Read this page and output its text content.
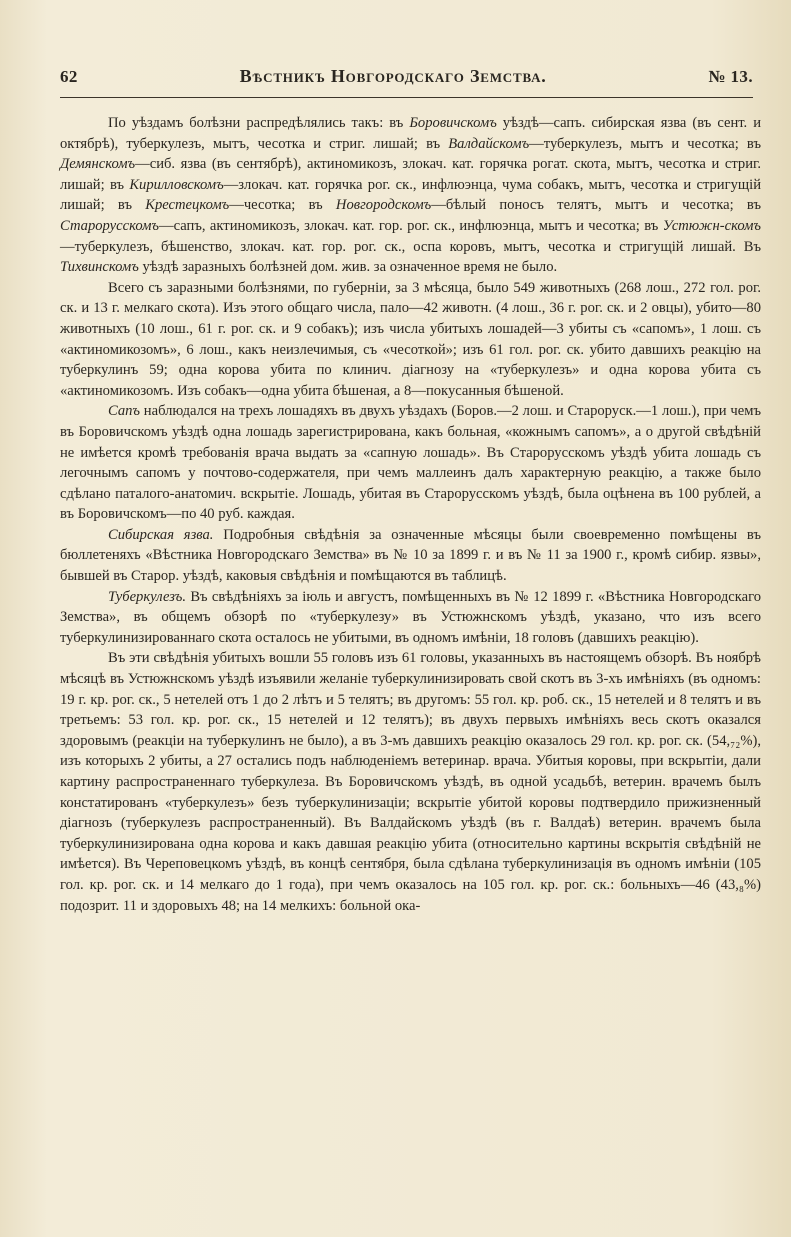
62	Вѣстникъ Новгородскаго Земства.	№ 13.

По уѣздамъ болѣзни распредѣлялись такъ: въ Боровичскомъ уѣздѣ—сапъ. сибирская язва (въ сент. и октябрѣ), туберкулезъ, мытъ, чесотка и стриг. лишай; въ Валдайскомъ—туберкулезъ, мытъ и чесотка; въ Демянскомъ—сиб. язва (въ сентябрѣ), актиномикозъ, злокач. кат. горячка рогат. скота, мытъ, чесотка и стриг. лишай; въ Кирилловскомъ—злокач. кат. горячка рог. ск., инфлюэнца, чума собакъ, мытъ, чесотка и стригущій лишай; въ Крестецкомъ—чесотка; въ Новгородскомъ—бѣлый поносъ телятъ, мытъ и чесотка; въ Старорусскомъ—сапъ, актиномикозъ, злокач. кат. гор. рог. ск., инфлюэнца, мытъ и чесотка; въ Устюжн-скомъ—туберкулезъ, бѣшенство, злокач. кат. гор. рог. ск., оспа коровъ, мытъ, чесотка и стригущій лишай. Въ Тихвинскомъ уѣздѣ заразныхъ болѣзней дом. жив. за означенное время не было.

Всего съ заразными болѣзнями, по губерніи, за 3 мѣсяца, было 549 животныхъ (268 лош., 272 гол. рог. ск. и 13 г. мелкаго скота). Изъ этого общаго числа, пало—42 животн. (4 лош., 36 г. рог. ск. и 2 овцы), убито—80 животныхъ (10 лош., 61 г. рог. ск. и 9 собакъ); изъ числа убитыхъ лошадей—3 убиты съ «сапомъ», 1 лош. съ «актиномикозомъ», 6 лош., какъ неизлечимыя, съ «чесоткой»; изъ 61 гол. рог. ск. убито давшихъ реакцію на туберкулинъ 59; одна корова убита по клинич. діагнозу на «туберкулезъ» и одна корова убита съ «актиномикозомъ. Изъ собакъ—одна убита бѣшеная, а 8—покусанныя бѣшеной.

Сапъ наблюдался на трехъ лошадяхъ въ двухъ уѣздахъ (Боров.—2 лош. и Староруск.—1 лош.), при чемъ въ Боровичскомъ уѣздѣ одна лошадь зарегистрирована, какъ больная, «кожнымъ сапомъ», а о другой свѣдѣній не имѣется кромѣ требованія врача выдать за «сапную лошадь». Въ Старорусскомъ уѣздѣ убита лошадь съ легочнымъ сапомъ у почтово-содержателя, при чемъ маллеинъ далъ характерную реакцію, а также было сдѣлано паталого-анатомич. вскрытіе. Лошадь, убитая въ Старорусскомъ уѣздѣ, была оцѣнена въ 100 рублей, а въ Боровичскомъ—по 40 руб. каждая.

Сибирская язва. Подробныя свѣдѣнія за означенные мѣсяцы были своевременно помѣщены въ бюллетеняхъ «Вѣстника Новгородскаго Земства» въ № 10 за 1899 г. и въ № 11 за 1900 г., кромѣ сибир. язвы», бывшей въ Старор. уѣздѣ, каковыя свѣдѣнія и помѣщаются въ таблицѣ.

Туберкулезъ. Въ свѣдѣніяхъ за іюль и августъ, помѣщенныхъ въ № 12 1899 г. «Вѣстника Новгородскаго Земства», въ общемъ обзорѣ по «туберкулезу» въ Устюжнскомъ уѣздѣ, указано, что изъ всего туберкулинизированнаго скота осталось не убитыми, въ одномъ имѣніи, 18 головъ (давшихъ реакцію).

Въ эти свѣдѣнія убитыхъ вошли 55 головъ изъ 61 головы, указанныхъ въ настоящемъ обзорѣ. Въ ноябрѣ мѣсяцѣ въ Устюжнскомъ уѣздѣ изъявили желаніе туберкулинизировать свой скотъ въ 3-хъ имѣніяхъ (въ одномъ: 19 г. кр. рог. ск., 5 нетелей отъ 1 до 2 лѣтъ и 5 телятъ; въ другомъ: 55 гол. кр. роб. ск., 15 нетелей и 8 телятъ и въ третьемъ: 53 гол. кр. рог. ск., 15 нетелей и 12 телятъ); въ двухъ первыхъ имѣніяхъ весь скотъ оказался здоровымъ (реакціи на туберкулинъ не было), а въ 3-мъ давшихъ реакцію оказалось 29 гол. кр. рог. ск. (54,₇₂%), изъ которыхъ 2 убиты, а 27 остались подъ наблюденіемъ ветеринар. врача. Убитыя коровы, при вскрытіи, дали картину распространеннаго туберкулеза. Въ Боровичскомъ уѣздѣ, въ одной усадьбѣ, ветерин. врачемъ былъ констатированъ «туберкулезъ» безъ туберкулинизаціи; вскрытіе убитой коровы подтвердило прижизненный діагнозъ (туберкулезъ распространенный). Въ Валдайскомъ уѣздѣ (въ г. Валдаѣ) ветерин. врачемъ была туберкулинизирована одна корова и какъ давшая реакцію убита (относительно картины вскрытія свѣдѣній не имѣется). Въ Череповецкомъ уѣздѣ, въ концѣ сентября, была сдѣлана туберкулинизація въ одномъ имѣніи (105 гол. кр. рог. ск. и 14 мелкаго до 1 года), при чемъ оказалось на 105 гол. кр. рог. ск.: больныхъ—46 (43,₈%) подозрит. 11 и здоровыхъ 48; на 14 мелкихъ: больной ока-
